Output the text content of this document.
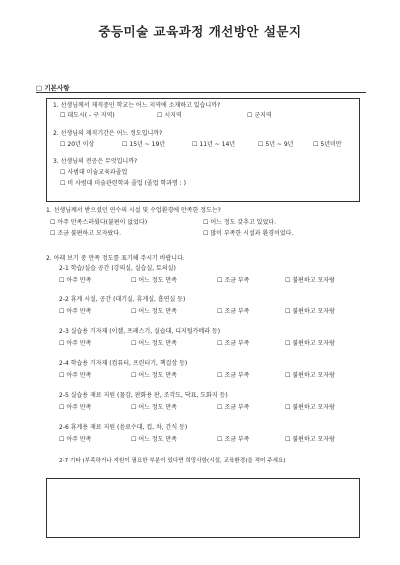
중등미술 교육과정 개선방안 설문지
□ 기본사항
1. 선생님께서 재직중인 학교는 어느 지역에 소재하고 있습니까?
☐ 대도시( - 구 지역)	☐ 시지역	☐ 군지역
2. 선생님의 재직기간은 어느 정도입니까?
☐ 20년 이상	☐ 15년 ~ 19년	☐ 11년 ~ 14년	☐ 5년 ~ 9년	☐ 5년미만
3. 선생님의 전공은 무엇입니까?
☐ 사범대 미술교육과졸업
☐ 비 사범대 미술관련학과 졸업 (졸업 학과명 : )
1. 선생님께서 받으셨던 연수의 시설 및 수업환경에 만족한 정도는?
☐ 아주 만족스러웠다(불편이 없었다)	☐ 어느 정도 갖추고 있었다.
☐ 조금 불편하고 모자랐다.	☐ 많이 부족한 시설과 환경이었다.
2. 아래 보기 중 만족 정도를 표기해 주시기 바랍니다.
2-1 학습/실습 공간 (강의실, 실습실, 토의실)
☐ 아주 만족	☐ 어느 정도 만족	☐ 조금 부족	☐ 불편하고 모자람
2-2 휴게 시설, 공간 (대기실, 휴게실, 흡연실 등)
☐ 아주 만족	☐ 어느 정도 만족	☐ 조금 부족	☐ 불편하고 모자람
2-3 실습용 기자재 (이젤, 프레스기, 실습대, 디지털카메라 등)
☐ 아주 만족	☐ 어느 정도 만족	☐ 조금 부족	☐ 불편하고 모자람
2-4 학습용 기자재 (컴퓨터, 프린터기, 책걸상 등)
☐ 아주 만족	☐ 어느 정도 만족	☐ 조금 부족	☐ 불편하고 모자람
2-5 실습용 재료 지원 (물감, 판화용 판, 조각도, 닥표, 도화지 등)
☐ 아주 만족	☐ 어느 정도 만족	☐ 조금 부족	☐ 불편하고 모자람
2-6 휴게용 재료 지원 (음료수대, 컵, 차, 간식 등)
☐ 아주 만족	☐ 어느 정도 만족	☐ 조금 부족	☐ 불편하고 모자람
2-7 기타 (부족하거나 지원이 필요한 부분이 있다면 희망사항(시설, 교육환경)을 적어 주세요)
